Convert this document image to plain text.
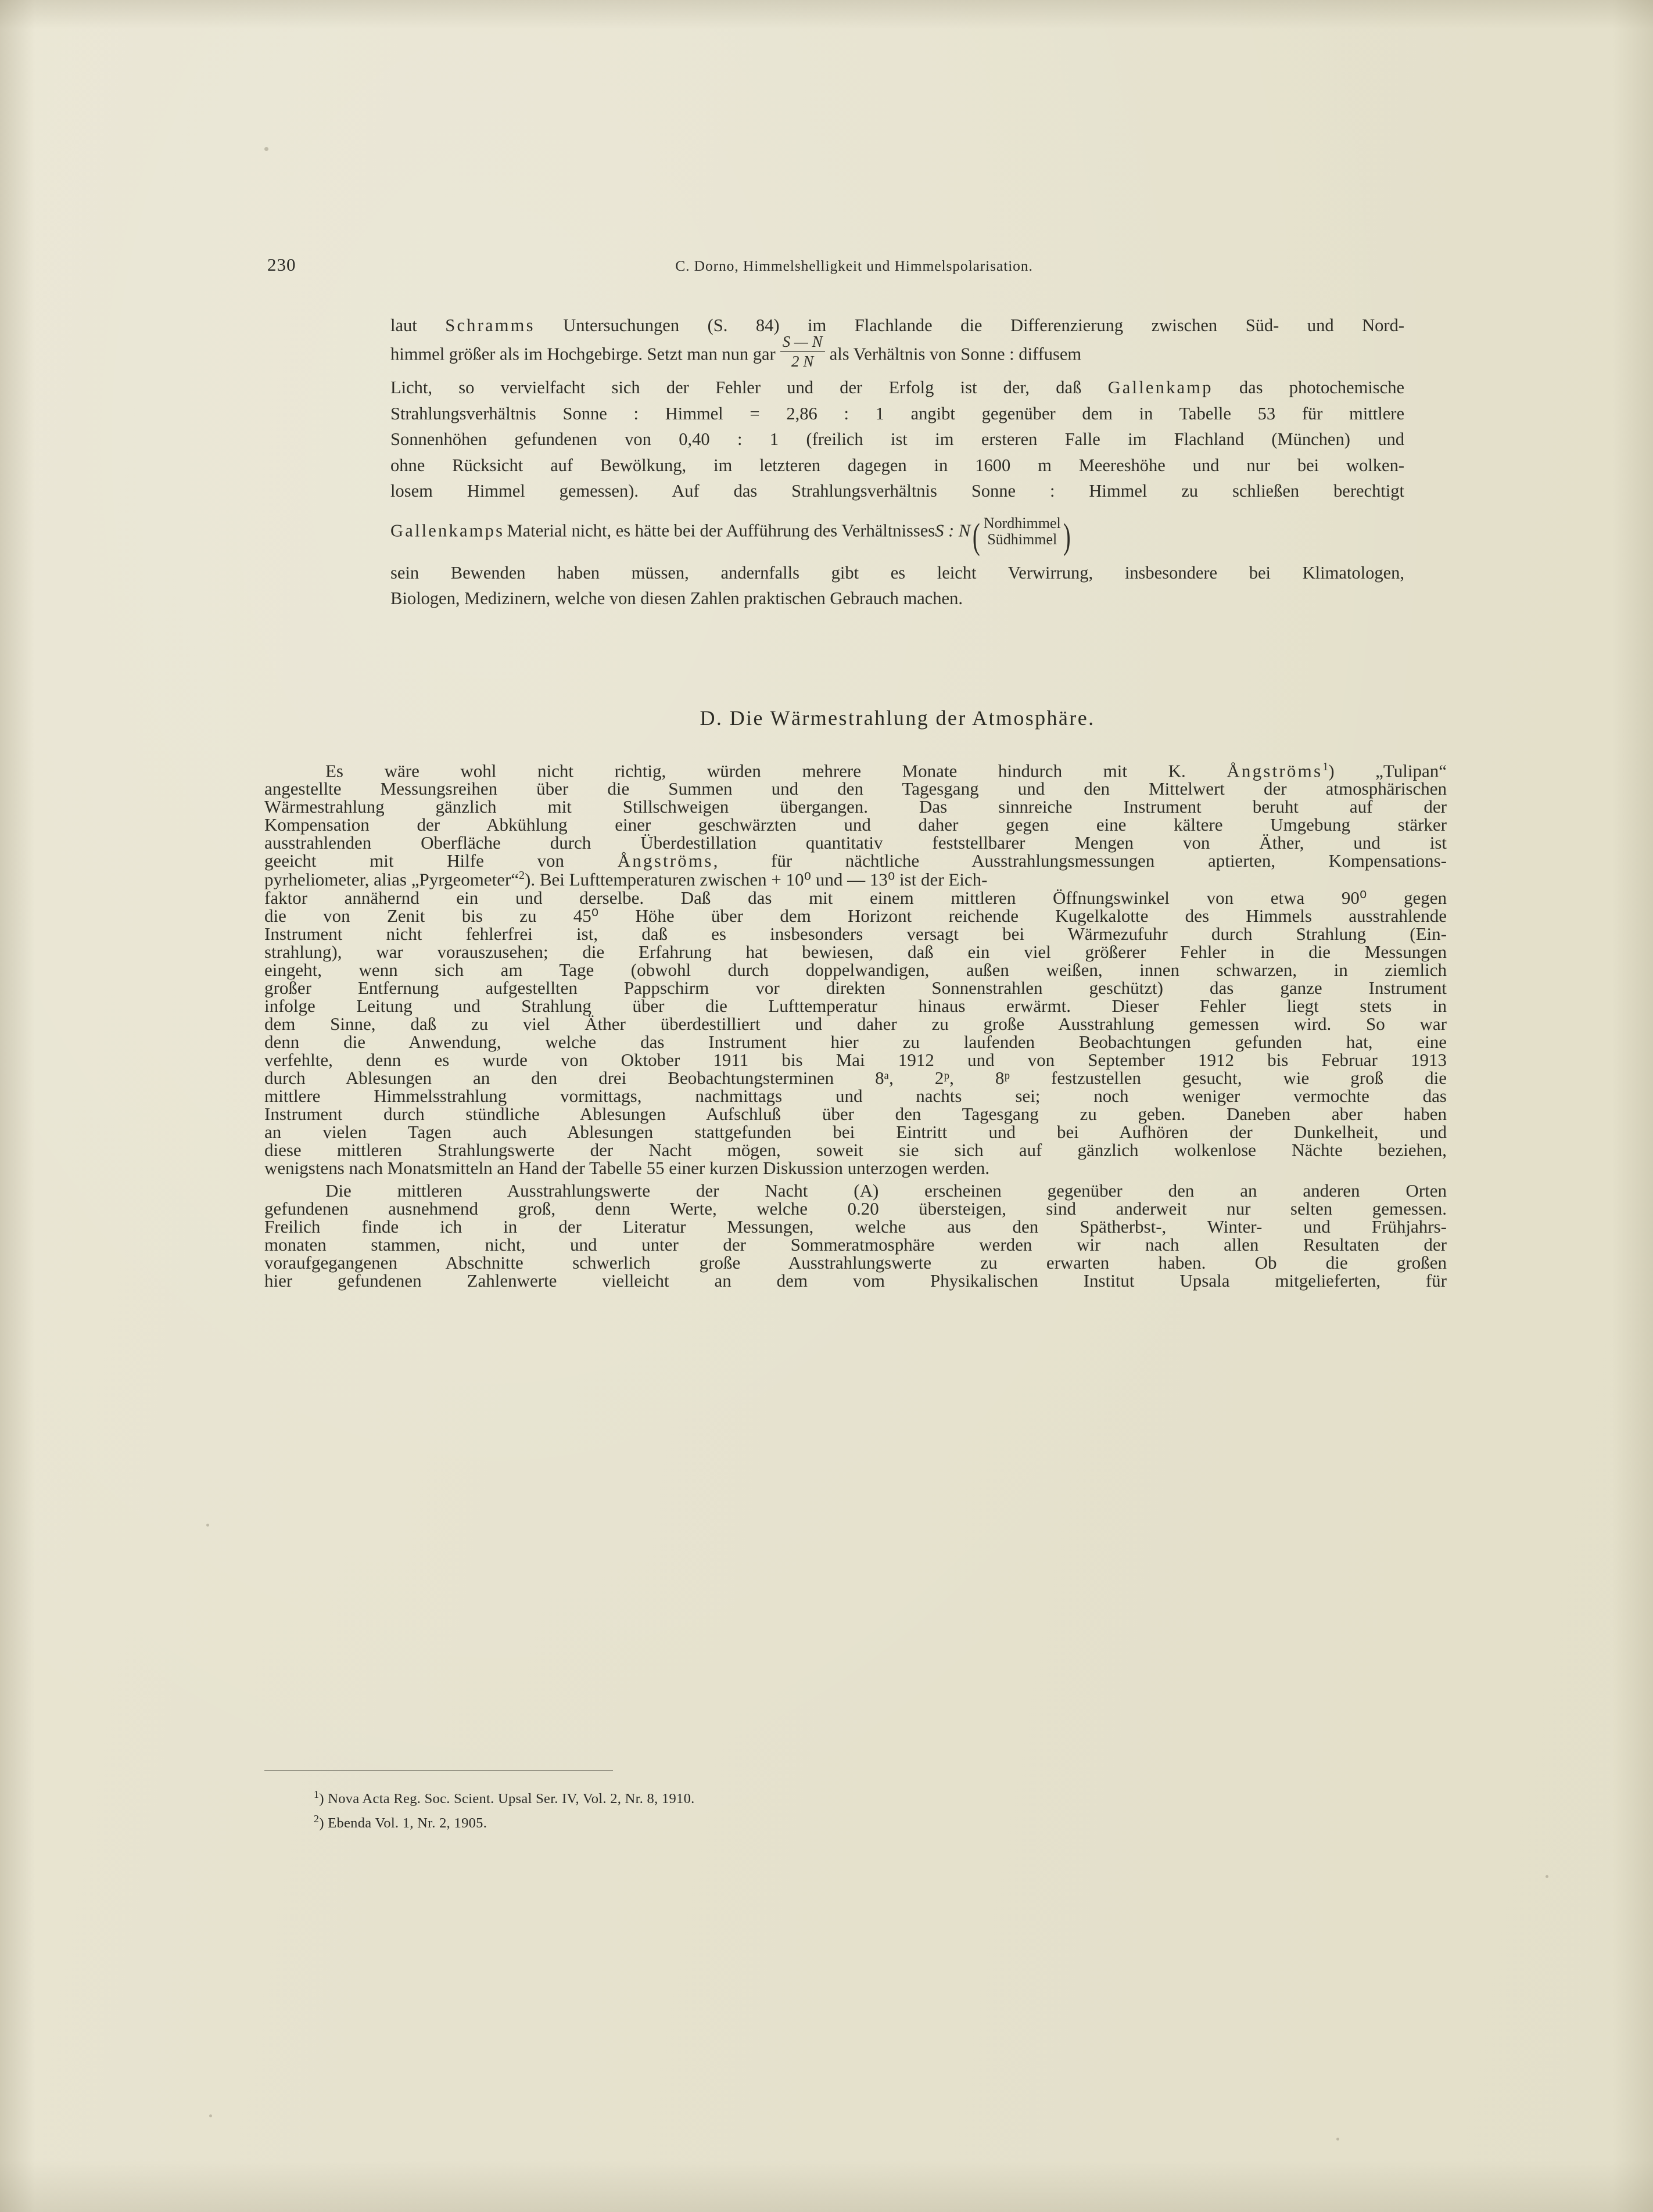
230	C. Dorno, Himmelshelligkeit und Himmelspolarisation.

laut Schramms Untersuchungen (S. 84) im Flachlande die Differenzierung zwischen Süd- und Nord-
himmel größer als im Hochgebirge. Setzt man nun gar $\frac{S — N}{2 N}$ als Verhältnis von Sonne : diffusem
Licht, so vervielfacht sich der Fehler und der Erfolg ist der, daß Gallenkamp das photochemische
Strahlungsverhältnis Sonne : Himmel = 2,86 : 1 angibt gegenüber dem in Tabelle 53 für mittlere
Sonnenhöhen gefundenen von 0,40 : 1 (freilich ist im ersteren Falle im Flachland (München) und
ohne Rücksicht auf Bewölkung, im letzteren dagegen in 1600 m Meereshöhe und nur bei wolken-
losem Himmel gemessen). Auf das Strahlungsverhältnis Sonne : Himmel zu schließen berechtigt
Gallenkamps Material nicht, es hätte bei der Aufführung des VerhältnissesS : N( Nordhimmel
Südhimmel )
sein Bewenden haben müssen, andernfalls gibt es leicht Verwirrung, insbesondere bei Klimatologen,
Biologen, Medizinern, welche von diesen Zahlen praktischen Gebrauch machen.

D. Die Wärmestrahlung der Atmosphäre.

Es wäre wohl nicht richtig, würden mehrere Monate hindurch mit K. Ångströms$^1$) „Tulipan“
angestellte Messungsreihen über die Summen und den Tagesgang und den Mittelwert der atmosphärischen
Wärmestrahlung gänzlich mit Stillschweigen übergangen. Das sinnreiche Instrument beruht auf der
Kompensation der Abkühlung einer geschwärzten und daher gegen eine kältere Umgebung stärker
ausstrahlenden Oberfläche durch Überdestillation quantitativ feststellbarer Mengen von Äther, und ist
geeicht mit Hilfe von Ångströms, für nächtliche Ausstrahlungsmessungen aptierten, Kompensations-
pyrheliometer, alias „Pyrgeometer“$^2$). Bei Lufttemperaturen zwischen + 10⁰ und — 13⁰ ist der Eich-
faktor annähernd ein und derselbe. Daß das mit einem mittleren Öffnungswinkel von etwa 90⁰ gegen
die von Zenit bis zu 45⁰ Höhe über dem Horizont reichende Kugelkalotte des Himmels ausstrahlende
Instrument nicht fehlerfrei ist, daß es insbesonders versagt bei Wärmezufuhr durch Strahlung (Ein-
strahlung), war vorauszusehen; die Erfahrung hat bewiesen, daß ein viel größerer Fehler in die Messungen
eingeht, wenn sich am Tage (obwohl durch doppelwandigen, außen weißen, innen schwarzen, in ziemlich
großer Entfernung aufgestellten Pappschirm vor direkten Sonnenstrahlen geschützt) das ganze Instrument
infolge Leitung und Strahlung über die Lufttemperatur hinaus erwärmt. Dieser Fehler liegt stets in
dem Sinne, daß zu viel Äther überdestilliert und daher zu große Ausstrahlung gemessen wird. So war
denn die Anwendung, welche das Instrument hier zu laufenden Beobachtungen gefunden hat, eine
verfehlte, denn es wurde von Oktober 1911 bis Mai 1912 und von September 1912 bis Februar 1913
durch Ablesungen an den drei Beobachtungsterminen 8ᵃ, 2ᵖ, 8ᵖ festzustellen gesucht, wie groß die
mittlere Himmelsstrahlung vormittags, nachmittags und nachts sei; noch weniger vermochte das
Instrument durch stündliche Ablesungen Aufschluß über den Tagesgang zu geben. Daneben aber haben
an vielen Tagen auch Ablesungen stattgefunden bei Eintritt und bei Aufhören der Dunkelheit, und
diese mittleren Strahlungswerte der Nacht mögen, soweit sie sich auf gänzlich wolkenlose Nächte beziehen,
wenigstens nach Monatsmitteln an Hand der Tabelle 55 einer kurzen Diskussion unterzogen werden.

Die mittleren Ausstrahlungswerte der Nacht (A) erscheinen gegenüber den an anderen Orten
gefundenen ausnehmend groß, denn Werte, welche 0.20 übersteigen, sind anderweit nur selten gemessen.
Freilich finde ich in der Literatur Messungen, welche aus den Spätherbst-, Winter- und Frühjahrs-
monaten stammen, nicht, und unter der Sommeratmosphäre werden wir nach allen Resultaten der
voraufgegangenen Abschnitte schwerlich große Ausstrahlungswerte zu erwarten haben. Ob die großen
hier gefundenen Zahlenwerte vielleicht an dem vom Physikalischen Institut Upsala mitgelieferten, für

$^1$) Nova Acta Reg. Soc. Scient. Upsal Ser. IV, Vol. 2, Nr. 8, 1910.
$^2$) Ebenda Vol. 1, Nr. 2, 1905.
